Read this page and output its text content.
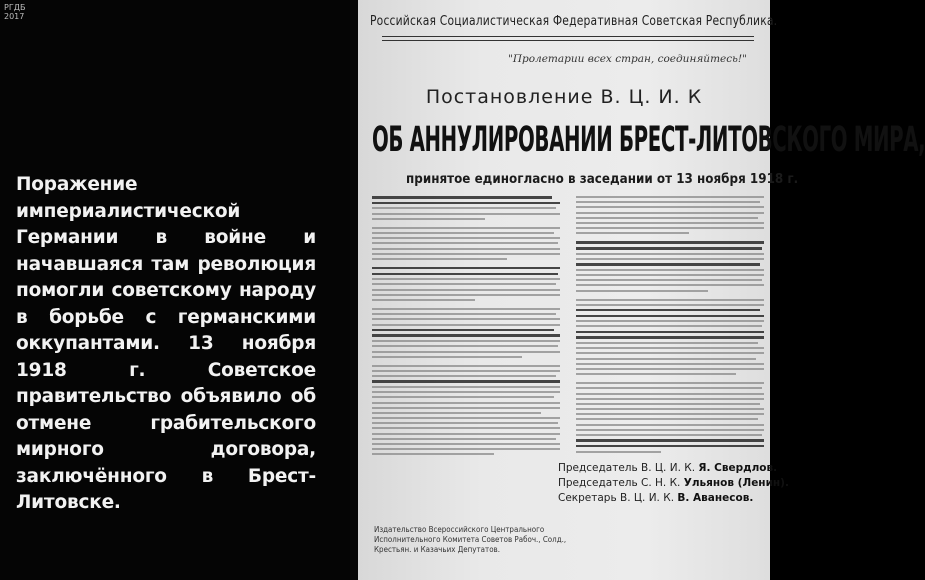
РГДБ
2017
Поражение империалистической Германии в войне и начавшаяся там революция помогли советскому народу в борьбе с германскими оккупантами. 13 ноября 1918 г. Советское правительство объявило об отмене грабительского мирного договора, заключённого в Брест-Литовске.
Российская Социалистическая Федеративная Советская Республика.
"Пролетарии всех стран, соединяйтесь!"
Постановление В. Ц. И. К
ОБ АННУЛИРОВАНИИ БРЕСТ-ЛИТОВСКОГО МИРА,
принятое единогласно в заседании от 13 ноября 1918 г.
Председатель В. Ц. И. К. Я. Свердлов.
Председатель С. Н. К. Ульянов (Ленин).
Секретарь В. Ц. И. К. В. Аванесов.
Издательство Всероссийского Центрального Исполнительного Комитета Советов Рабоч., Солд., Крестьян. и Казачьих Депутатов.
